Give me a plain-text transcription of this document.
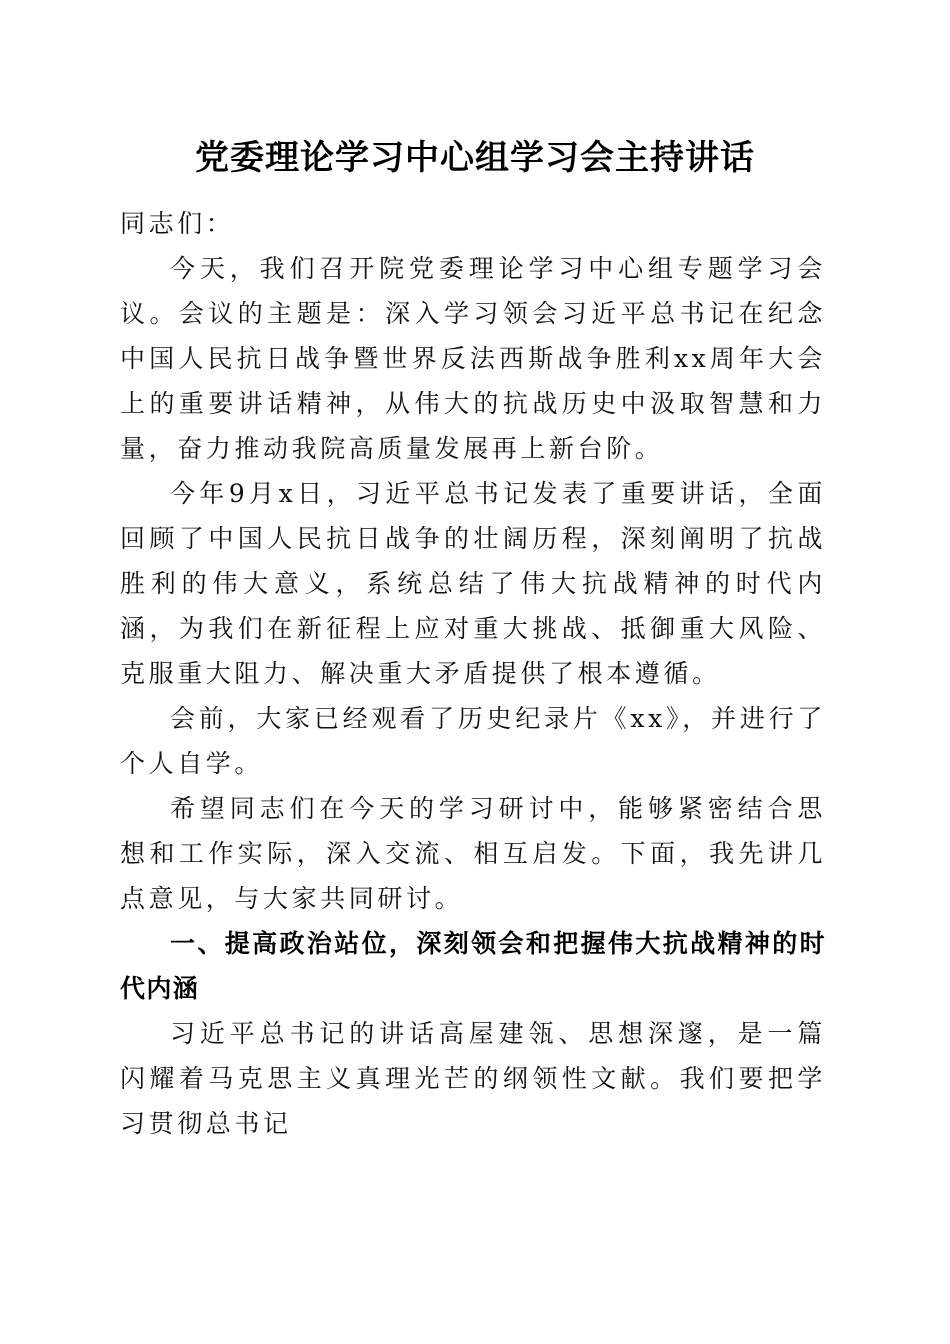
党委理论学习中心组学习会主持讲话

同志们：

今天，我们召开院党委理论学习中心组专题学习会议。会议的主题是：深入学习领会习近平总书记在纪念中国人民抗日战争暨世界反法西斯战争胜利xx周年大会上的重要讲话精神，从伟大的抗战历史中汲取智慧和力量，奋力推动我院高质量发展再上新台阶。

今年9月x日，习近平总书记发表了重要讲话，全面回顾了中国人民抗日战争的壮阔历程，深刻阐明了抗战胜利的伟大意义，系统总结了伟大抗战精神的时代内涵，为我们在新征程上应对重大挑战、抵御重大风险、克服重大阻力、解决重大矛盾提供了根本遵循。

会前，大家已经观看了历史纪录片《xx》，并进行了个人自学。

希望同志们在今天的学习研讨中，能够紧密结合思想和工作实际，深入交流、相互启发。下面，我先讲几点意见，与大家共同研讨。

一、提高政治站位，深刻领会和把握伟大抗战精神的时代内涵

习近平总书记的讲话高屋建瓴、思想深邃，是一篇闪耀着马克思主义真理光芒的纲领性文献。我们要把学习贯彻总书记
